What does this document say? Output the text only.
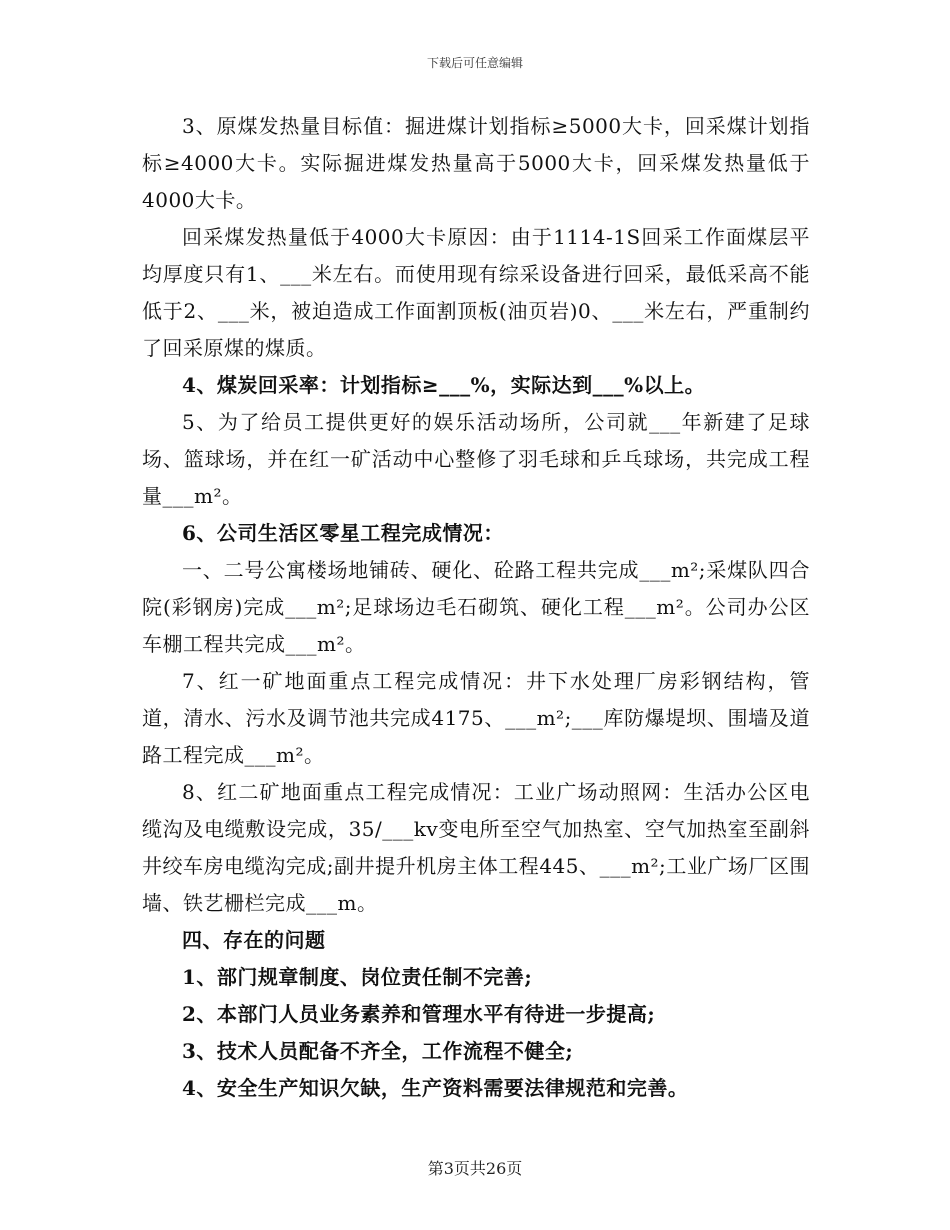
下载后可任意编辑

3、原煤发热量目标值：掘进煤计划指标≥5000大卡，回采煤计划指标≥4000大卡。实际掘进煤发热量高于5000大卡，回采煤发热量低于4000大卡。

回采煤发热量低于4000大卡原因：由于1114-1S回采工作面煤层平均厚度只有1、___米左右。而使用现有综采设备进行回采，最低采高不能低于2、___米，被迫造成工作面割顶板(油页岩)0、___米左右，严重制约了回采原煤的煤质。

4、煤炭回采率：计划指标≥___%，实际达到___%以上。

5、为了给员工提供更好的娱乐活动场所，公司就___年新建了足球场、篮球场，并在红一矿活动中心整修了羽毛球和乒乓球场，共完成工程量___m²。

6、公司生活区零星工程完成情况：

一、二号公寓楼场地铺砖、硬化、砼路工程共完成___m²;采煤队四合院(彩钢房)完成___m²;足球场边毛石砌筑、硬化工程___m²。公司办公区车棚工程共完成___m²。

7、红一矿地面重点工程完成情况：井下水处理厂房彩钢结构，管道，清水、污水及调节池共完成4175、___m²;___库防爆堤坝、围墙及道路工程完成___m²。

8、红二矿地面重点工程完成情况：工业广场动照网：生活办公区电缆沟及电缆敷设完成，35/___kv变电所至空气加热室、空气加热室至副斜井绞车房电缆沟完成;副井提升机房主体工程445、___m²;工业广场厂区围墙、铁艺栅栏完成___m。

四、存在的问题

1、部门规章制度、岗位责任制不完善;

2、本部门人员业务素养和管理水平有待进一步提高;

3、技术人员配备不齐全，工作流程不健全;

4、安全生产知识欠缺，生产资料需要法律规范和完善。

第3页共26页
